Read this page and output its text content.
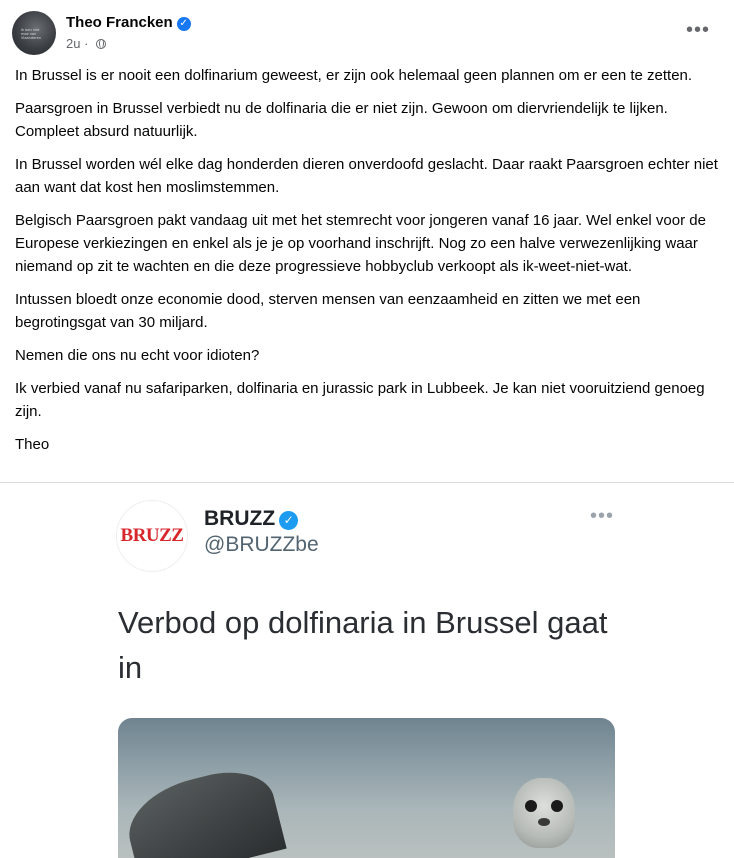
ik ben niet moe van Vlaanderen
Theo Francken ✓
2u ·
•••

In Brussel is er nooit een dolfinarium geweest, er zijn ook helemaal geen plannen om er een te zetten.

Paarsgroen in Brussel verbiedt nu de dolfinaria die er niet zijn. Gewoon om diervriendelijk te lijken. Compleet absurd natuurlijk.

In Brussel worden wél elke dag honderden dieren onverdoofd geslacht. Daar raakt Paarsgroen echter niet aan want dat kost hen moslimstemmen.

Belgisch Paarsgroen pakt vandaag uit met het stemrecht voor jongeren vanaf 16 jaar. Wel enkel voor de Europese verkiezingen en enkel als je je op voorhand inschrijft. Nog zo een halve verwezenlijking waar niemand op zit te wachten en die deze progressieve hobbyclub verkoopt als ik-weet-niet-wat.

Intussen bloedt onze economie dood, sterven mensen van eenzaamheid en zitten we met een begrotingsgat van 30 miljard.

Nemen die ons nu echt voor idioten?

Ik verbied vanaf nu safariparken, dolfinaria en jurassic park in Lubbeek. Je kan niet vooruitziend genoeg zijn.

Theo

BRUZZ
BRUZZ ✓
@BRUZZbe
•••
Verbod op dolfinaria in Brussel gaat in
